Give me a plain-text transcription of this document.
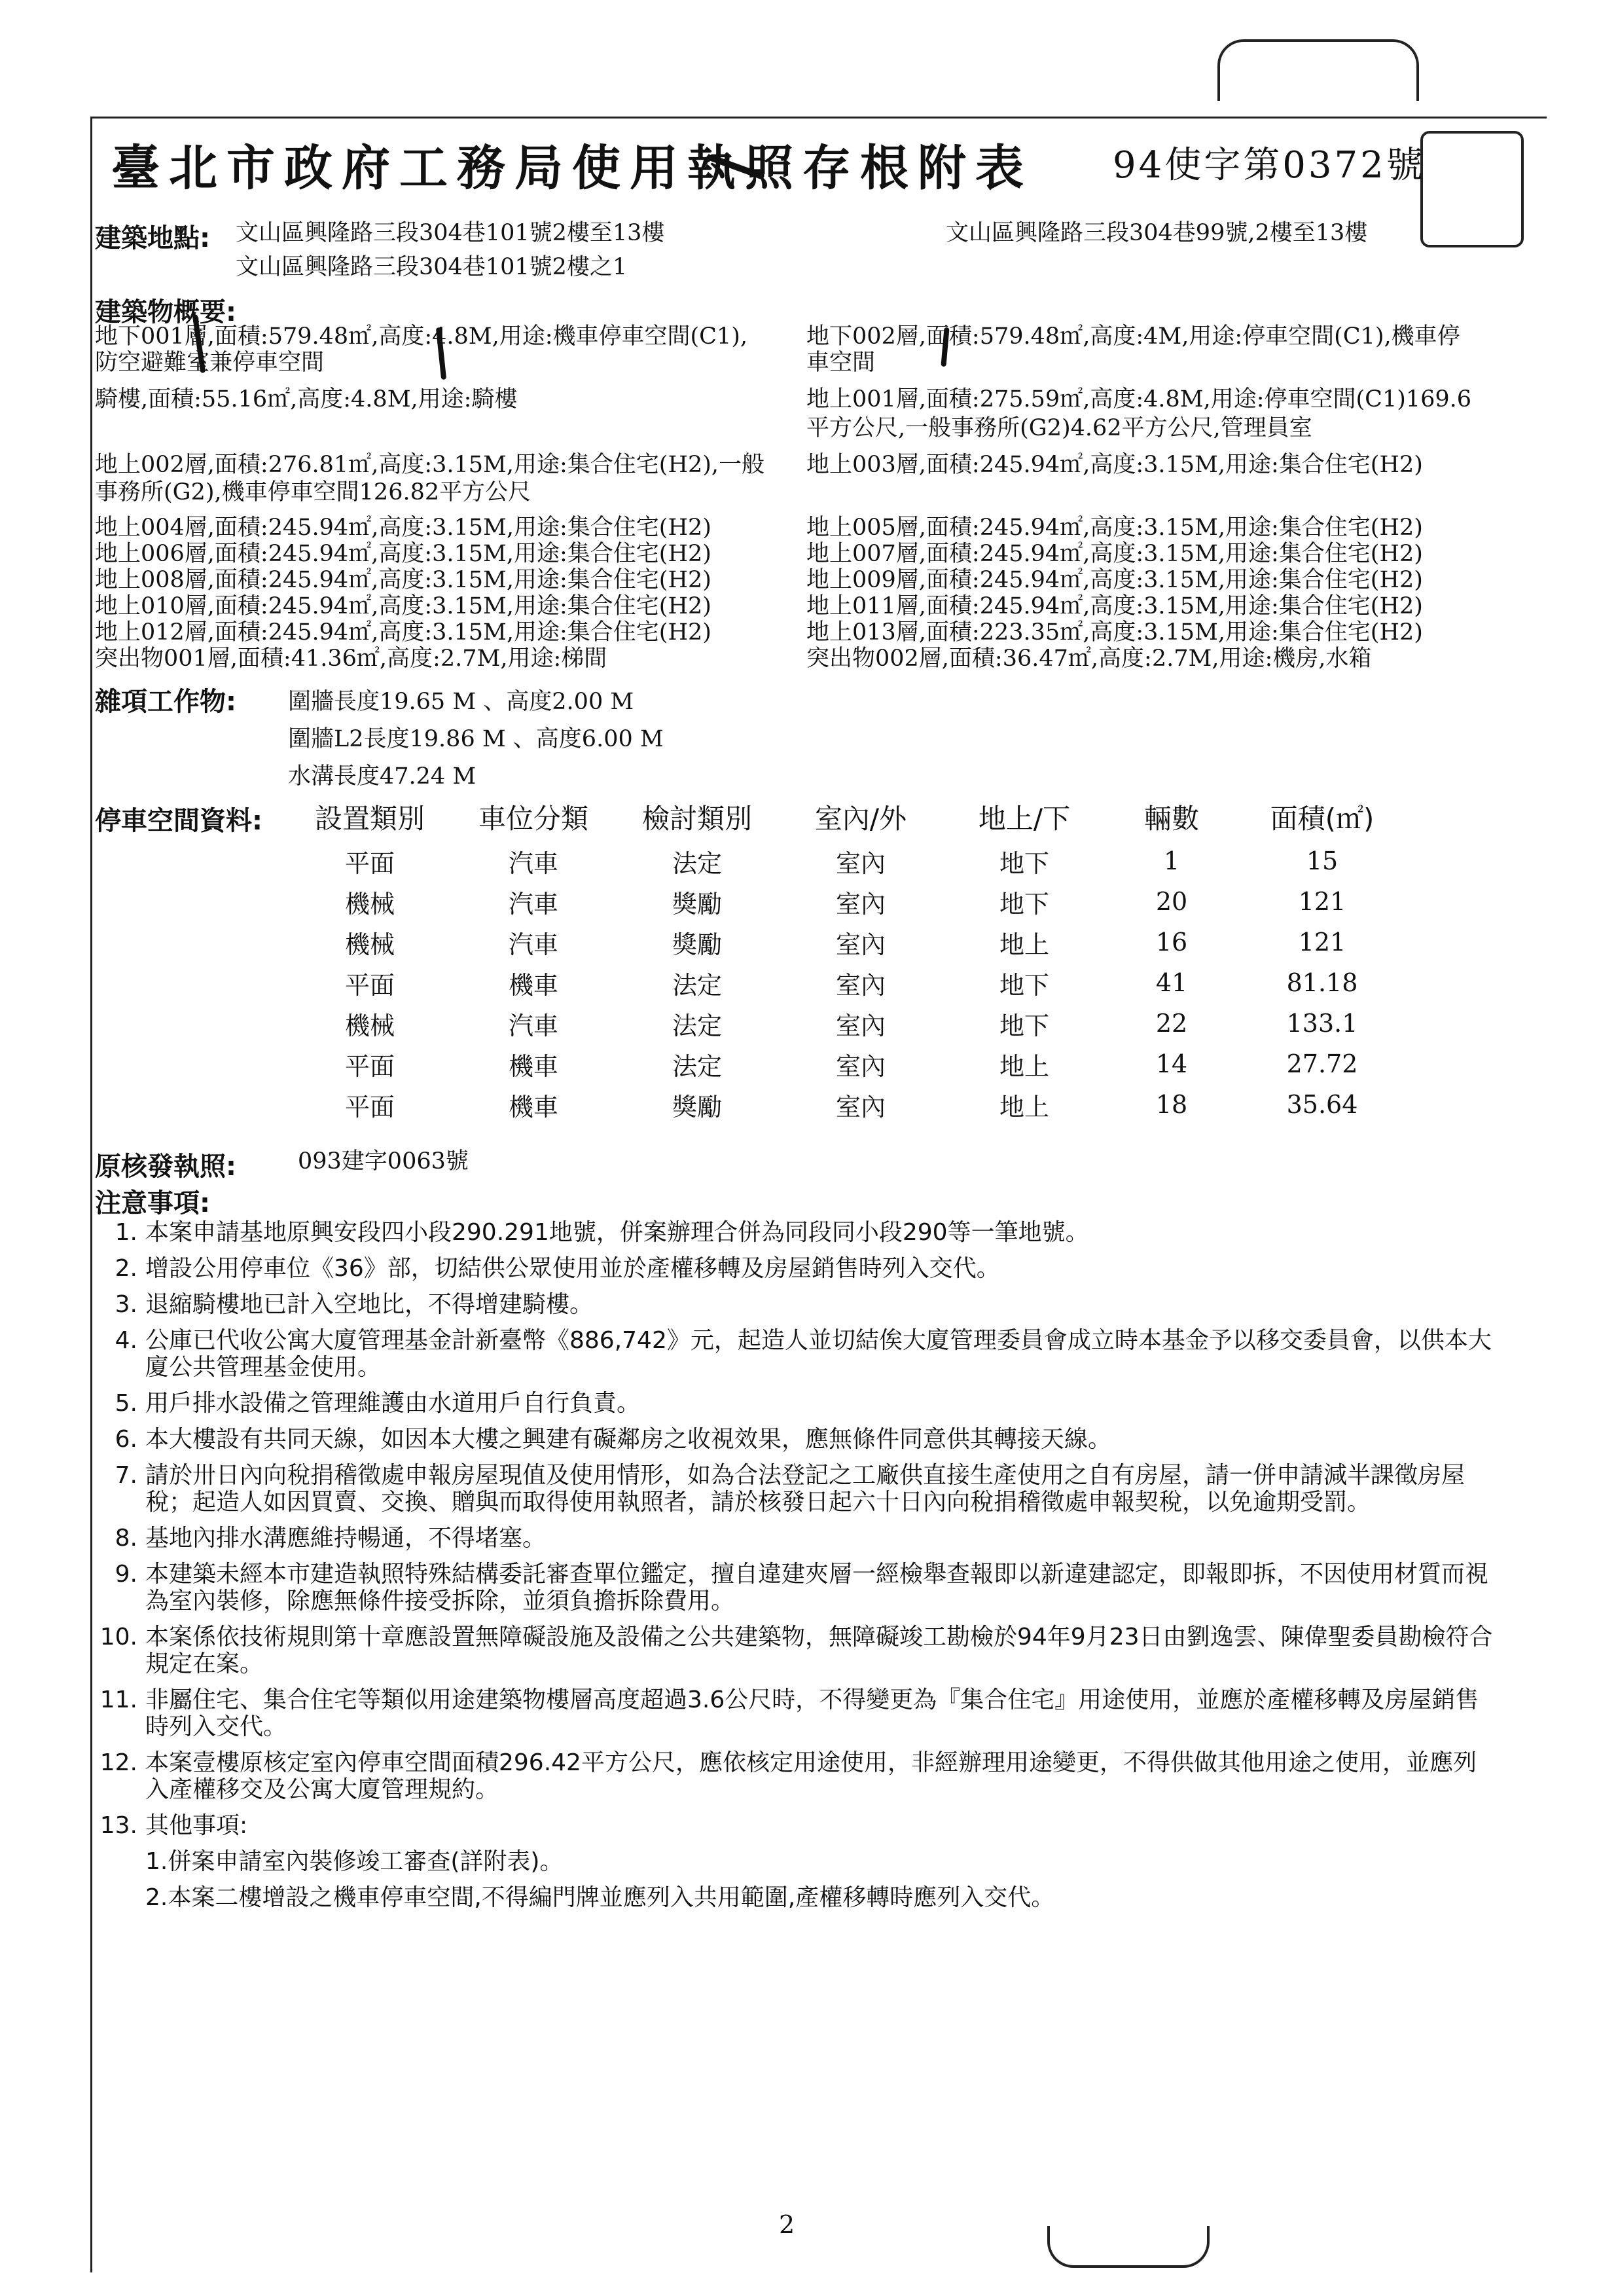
臺北市政府工務局使用執照存根附表 94使字第0372號
建築地點: 文山區興隆路三段304巷101號2樓至13樓
文山區興隆路三段304巷101號2樓之1
文山區興隆路三段304巷99號,2樓至13樓
建築物概要:
地下001層,面積:579.48㎡,高度:4.8M,用途:機車停車空間(C1),
防空避難室兼停車空間
騎樓,面積:55.16㎡,高度:4.8M,用途:騎樓
地下002層,面積:579.48㎡,高度:4M,用途:停車空間(C1),機車停
車空間
地上001層,面積:275.59㎡,高度:4.8M,用途:停車空間(C1)169.6
平方公尺,一般事務所(G2)4.62平方公尺,管理員室
地上002層,面積:276.81㎡,高度:3.15M,用途:集合住宅(H2),一般
事務所(G2),機車停車空間126.82平方公尺
地上003層,面積:245.94㎡,高度:3.15M,用途:集合住宅(H2)
地上004層,面積:245.94㎡,高度:3.15M,用途:集合住宅(H2)
地上006層,面積:245.94㎡,高度:3.15M,用途:集合住宅(H2)
地上008層,面積:245.94㎡,高度:3.15M,用途:集合住宅(H2)
地上010層,面積:245.94㎡,高度:3.15M,用途:集合住宅(H2)
地上012層,面積:245.94㎡,高度:3.15M,用途:集合住宅(H2)
突出物001層,面積:41.36㎡,高度:2.7M,用途:梯間
地上005層,面積:245.94㎡,高度:3.15M,用途:集合住宅(H2)
地上007層,面積:245.94㎡,高度:3.15M,用途:集合住宅(H2)
地上009層,面積:245.94㎡,高度:3.15M,用途:集合住宅(H2)
地上011層,面積:245.94㎡,高度:3.15M,用途:集合住宅(H2)
地上013層,面積:223.35㎡,高度:3.15M,用途:集合住宅(H2)
突出物002層,面積:36.47㎡,高度:2.7M,用途:機房,水箱
雜項工作物: 圍牆長度19.65 M 、高度2.00 M
圍牆L2長度19.86 M 、高度6.00 M
水溝長度47.24 M
停車空間資料:
	設置類別	車位分類	檢討類別	室內/外	地上/下	輛數	面積(㎡)
	平面	汽車	法定	室內	地下	1	15
	機械	汽車	獎勵	室內	地下	20	121
	機械	汽車	獎勵	室內	地上	16	121
	平面	機車	法定	室內	地下	41	81.18
	機械	汽車	法定	室內	地下	22	133.1
	平面	機車	法定	室內	地上	14	27.72
	平面	機車	獎勵	室內	地上	18	35.64
原核發執照:	093建字0063號
注意事項:
1. 本案申請基地原興安段四小段290.291地號，併案辦理合併為同段同小段290等一筆地號。
2. 增設公用停車位《36》部，切結供公眾使用並於產權移轉及房屋銷售時列入交代。
3. 退縮騎樓地已計入空地比，不得增建騎樓。
4. 公庫已代收公寓大廈管理基金計新臺幣《886,742》元，起造人並切結俟大廈管理委員會成立時本基金予以移交委員會，以供本大廈公共管理基金使用。
5. 用戶排水設備之管理維護由水道用戶自行負責。
6. 本大樓設有共同天線，如因本大樓之興建有礙鄰房之收視效果，應無條件同意供其轉接天線。
7. 請於卅日內向稅捐稽徵處申報房屋現值及使用情形，如為合法登記之工廠供直接生產使用之自有房屋，請一併申請減半課徵房屋稅；起造人如因買賣、交換、贈與而取得使用執照者，請於核發日起六十日內向稅捐稽徵處申報契稅，以免逾期受罰。
8. 基地內排水溝應維持暢通，不得堵塞。
9. 本建築未經本市建造執照特殊結構委託審查單位鑑定，擅自違建夾層一經檢舉查報即以新違建認定，即報即拆，不因使用材質而視為室內裝修，除應無條件接受拆除，並須負擔拆除費用。
10. 本案係依技術規則第十章應設置無障礙設施及設備之公共建築物，無障礙竣工勘檢於94年9月23日由劉逸雲、陳偉聖委員勘檢符合規定在案。
11. 非屬住宅、集合住宅等類似用途建築物樓層高度超過3.6公尺時，不得變更為『集合住宅』用途使用，並應於產權移轉及房屋銷售時列入交代。
12. 本案壹樓原核定室內停車空間面積296.42平方公尺，應依核定用途使用，非經辦理用途變更，不得供做其他用途之使用，並應列入產權移交及公寓大廈管理規約。
13. 其他事項:
1.併案申請室內裝修竣工審查(詳附表)。
2.本案二樓增設之機車停車空間,不得編門牌並應列入共用範圍,產權移轉時應列入交代。
2
